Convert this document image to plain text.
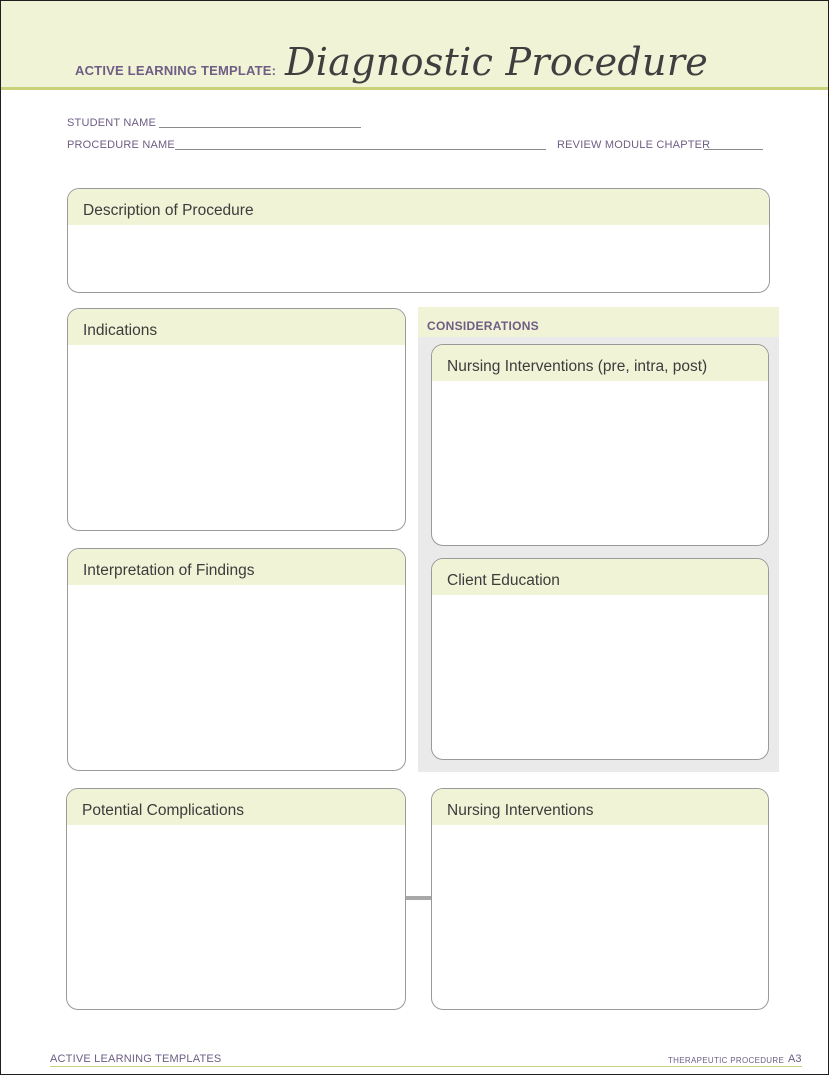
ACTIVE LEARNING TEMPLATE: Diagnostic Procedure
STUDENT NAME
PROCEDURE NAME	REVIEW MODULE CHAPTER
Description of Procedure
Indications
Interpretation of Findings
CONSIDERATIONS
Nursing Interventions (pre, intra, post)
Client Education
Potential Complications	Nursing Interventions
ACTIVE LEARNING TEMPLATES	THERAPEUTIC PROCEDURE A3
